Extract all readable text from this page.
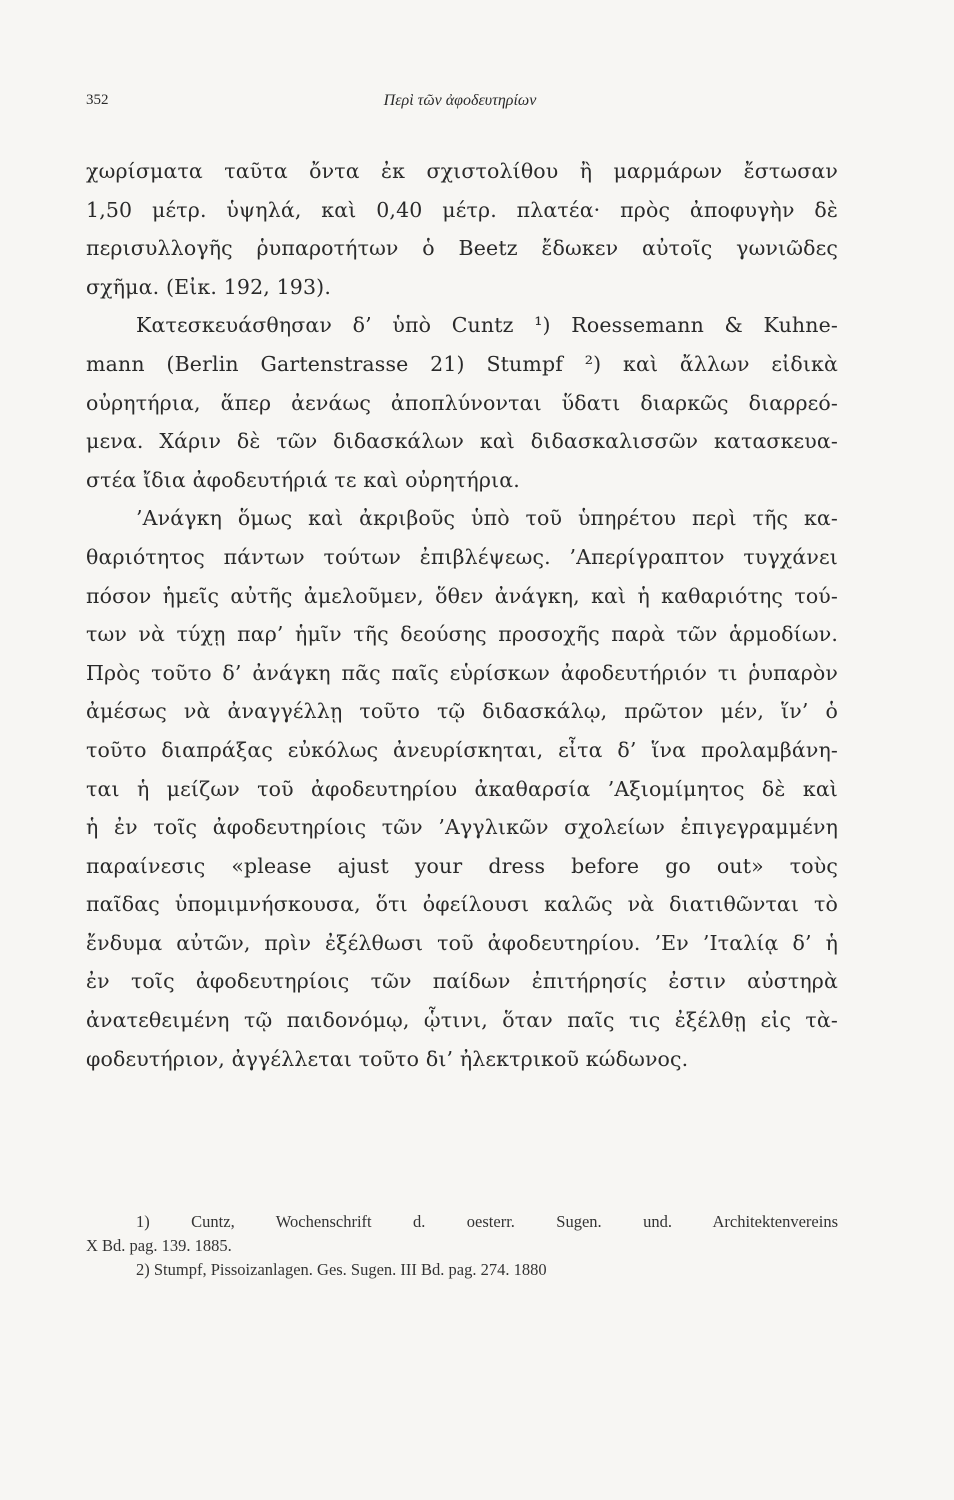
352	Περὶ τῶν ἀφοδευτηρίων
χωρίσματα ταῦτα ὄντα ἐκ σχιστολίθου ἢ μαρμάρων ἔστωσαν
1,50 μέτρ. ὑψηλά, καὶ 0,40 μέτρ. πλατέα· πρὸς ἀποφυγὴν δὲ
περισυλλογῆς ῥυπαροτήτων ὁ Beetz ἔδωκεν αὐτοῖς γωνιῶδες
σχῆμα. (Εἰκ. 192, 193).
Κατεσκευάσθησαν δ’ ὑπὸ Cuntz ¹) Roessemann & Kuhne-
mann (Berlin Gartenstrasse 21) Stumpf ²) καὶ ἄλλων εἰδικὰ
οὐρητήρια, ἅπερ ἀενάως ἀποπλύνονται ὕδατι διαρκῶς διαρρεό-
μενα. Χάριν δὲ τῶν διδασκάλων καὶ διδασκαλισσῶν κατασκευα-
στέα ἴδια ἀφοδευτήριά τε καὶ οὐρητήρια.
’Ανάγκη ὅμως καὶ ἀκριβοῦς ὑπὸ τοῦ ὑπηρέτου περὶ τῆς κα-
θαριότητος πάντων τούτων ἐπιβλέψεως. ’Απερίγραπτον τυγχάνει
πόσον ἡμεῖς αὐτῆς ἀμελοῦμεν, ὅθεν ἀνάγκη, καὶ ἡ καθαριότης τού-
των νὰ τύχῃ παρ’ ἡμῖν τῆς δεούσης προσοχῆς παρὰ τῶν ἁρμοδίων.
Πρὸς τοῦτο δ’ ἀνάγκη πᾶς παῖς εὑρίσκων ἀφοδευτήριόν τι ῥυπαρὸν
ἀμέσως νὰ ἀναγγέλλῃ τοῦτο τῷ διδασκάλῳ, πρῶτον μέν, ἵν’ ὁ
τοῦτο διαπράξας εὐκόλως ἀνευρίσκηται, εἶτα δ’ ἵνα προλαμβάνη-
ται ἡ μείζων τοῦ ἀφοδευτηρίου ἀκαθαρσία ’Αξιομίμητος δὲ καὶ
ἡ ἐν τοῖς ἀφοδευτηρίοις τῶν ’Αγγλικῶν σχολείων ἐπιγεγραμμένη
παραίνεσις «please ajust your dress before go out» τοὺς
παῖδας ὑπομιμνήσκουσα, ὅτι ὀφείλουσι καλῶς νὰ διατιθῶνται τὸ
ἔνδυμα αὐτῶν, πρὶν ἐξέλθωσι τοῦ ἀφοδευτηρίου. ’Εν ’Ιταλίᾳ δ’ ἡ
ἐν τοῖς ἀφοδευτηρίοις τῶν παίδων ἐπιτήρησίς ἐστιν αὐστηρὰ
ἀνατεθειμένη τῷ παιδονόμῳ, ᾧτινι, ὅταν παῖς τις ἐξέλθῃ εἰς τὰ-
φοδευτήριον, ἀγγέλλεται τοῦτο δι’ ἠλεκτρικοῦ κώδωνος.
1) Cuntz, Wochenschrift d. oesterr. Sugen. und. Architektenvereins
X Bd. pag. 139. 1885.
2) Stumpf, Pissoizanlagen. Ges. Sugen. III Bd. pag. 274. 1880
